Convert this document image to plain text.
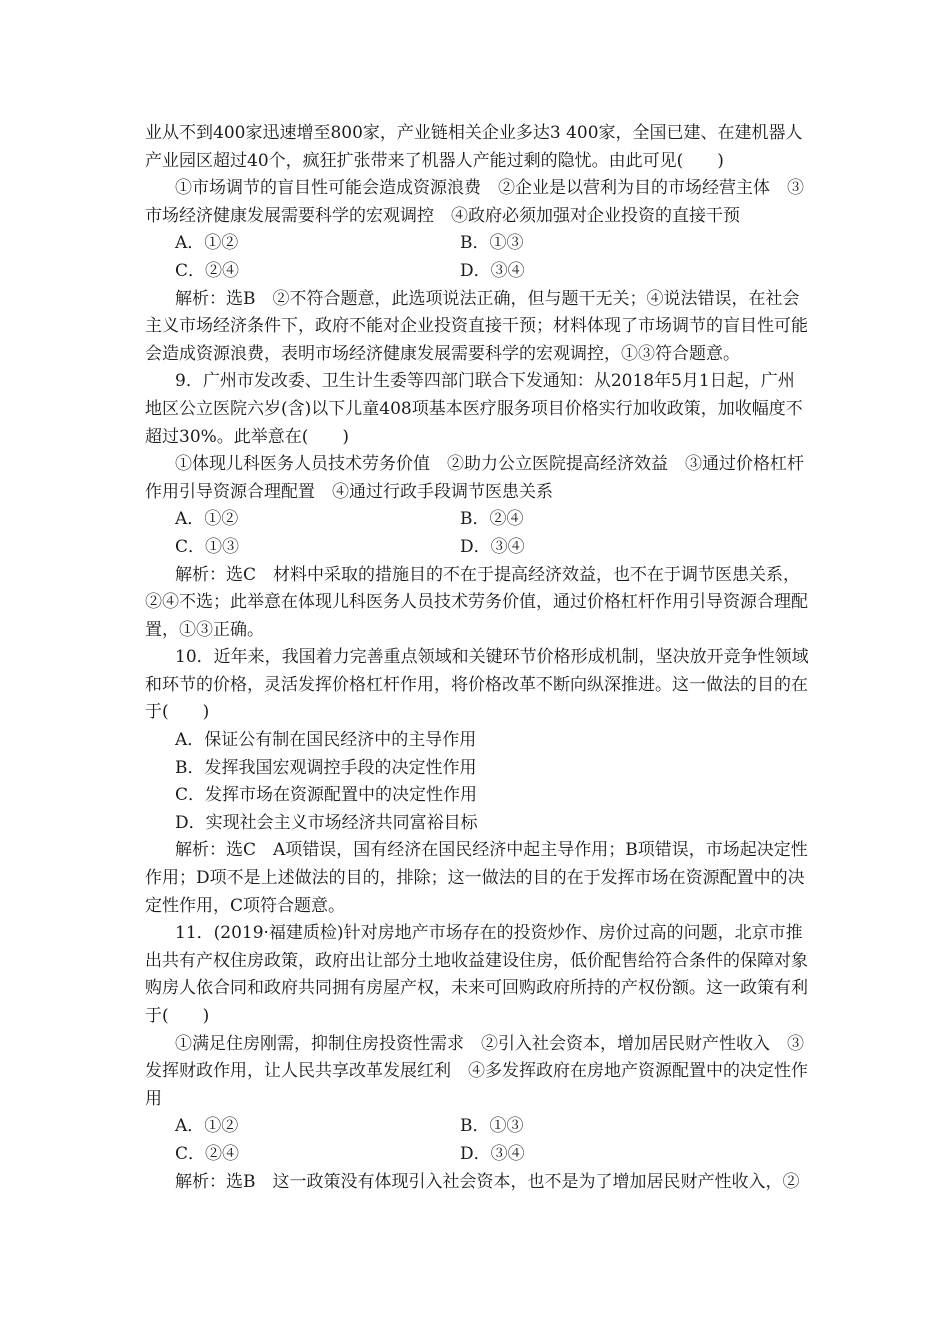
业从不到400家迅速增至800家，产业链相关企业多达3 400家，全国已建、在建机器人
产业园区超过40个，疯狂扩张带来了机器人产能过剩的隐忧。由此可见(　　)
①市场调节的盲目性可能会造成资源浪费　②企业是以营利为目的市场经营主体　③
市场经济健康发展需要科学的宏观调控　④政府必须加强对企业投资的直接干预
A．①②	B．①③
C．②④	D．③④
解析：选B　②不符合题意，此选项说法正确，但与题干无关；④说法错误，在社会
主义市场经济条件下，政府不能对企业投资直接干预；材料体现了市场调节的盲目性可能
会造成资源浪费，表明市场经济健康发展需要科学的宏观调控，①③符合题意。
9．广州市发改委、卫生计生委等四部门联合下发通知：从2018年5月1日起，广州
地区公立医院六岁(含)以下儿童408项基本医疗服务项目价格实行加收政策，加收幅度不
超过30%。此举意在(　　)
①体现儿科医务人员技术劳务价值　②助力公立医院提高经济效益　③通过价格杠杆
作用引导资源合理配置　④通过行政手段调节医患关系
A．①②	B．②④
C．①③	D．③④
解析：选C　材料中采取的措施目的不在于提高经济效益，也不在于调节医患关系，
②④不选；此举意在体现儿科医务人员技术劳务价值，通过价格杠杆作用引导资源合理配
置，①③正确。
10．近年来，我国着力完善重点领域和关键环节价格形成机制，坚决放开竞争性领域
和环节的价格，灵活发挥价格杠杆作用，将价格改革不断向纵深推进。这一做法的目的在
于(　　)
A．保证公有制在国民经济中的主导作用
B．发挥我国宏观调控手段的决定性作用
C．发挥市场在资源配置中的决定性作用
D．实现社会主义市场经济共同富裕目标
解析：选C　A项错误，国有经济在国民经济中起主导作用；B项错误，市场起决定性
作用；D项不是上述做法的目的，排除；这一做法的目的在于发挥市场在资源配置中的决
定性作用，C项符合题意。
11．(2019·福建质检)针对房地产市场存在的投资炒作、房价过高的问题，北京市推
出共有产权住房政策，政府出让部分土地收益建设住房，低价配售给符合条件的保障对象
购房人依合同和政府共同拥有房屋产权，未来可回购政府所持的产权份额。这一政策有利
于(　　)
①满足住房刚需，抑制住房投资性需求　②引入社会资本，增加居民财产性收入　③
发挥财政作用，让人民共享改革发展红利　④多发挥政府在房地产资源配置中的决定性作
用
A．①②	B．①③
C．②④	D．③④
解析：选B　这一政策没有体现引入社会资本，也不是为了增加居民财产性收入，②
